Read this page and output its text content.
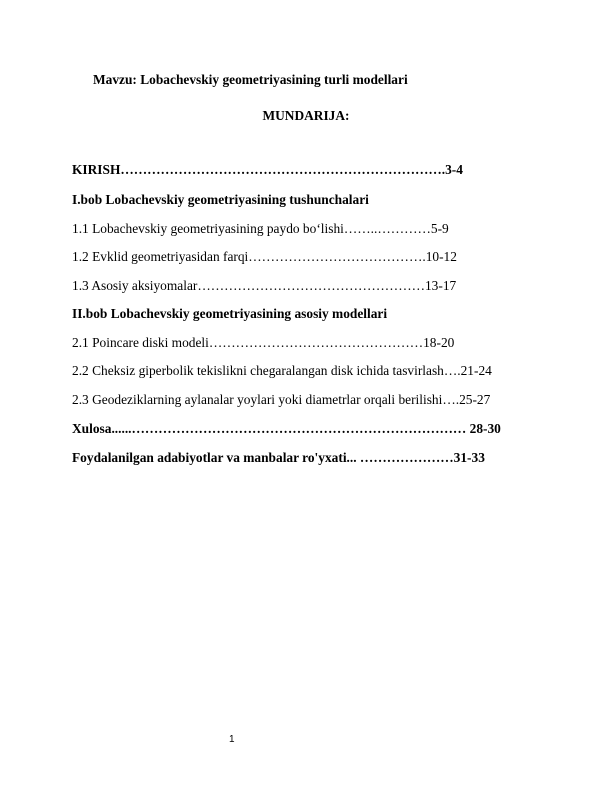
Mavzu: Lobachevskiy geometriyasining turli modellari
MUNDARIJA:
KIRISH……………………………………………………………….3-4
I.bob Lobachevskiy geometriyasining tushunchalari
1.1 Lobachevskiy geometriyasining paydo bo‘lishi……..…………5-9
1.2 Evklid geometriyasidan farqi………………………………….10-12
1.3 Asosiy aksiyomalar……………………………………………13-17
II.bob Lobachevskiy geometriyasining asosiy modellari
2.1 Poincare diski modeli…………………………………………18-20
2.2 Cheksiz giperbolik tekislikni chegaralangan disk ichida tasvirlash….21-24
2.3 Geodeziklarning aylanalar yoylari yoki diametrlar orqali berilishi….25-27
Xulosa......………………………………………………………………… 28-30
Foydalanilgan adabiyotlar va manbalar ro'yxati... …………………31-33
1
